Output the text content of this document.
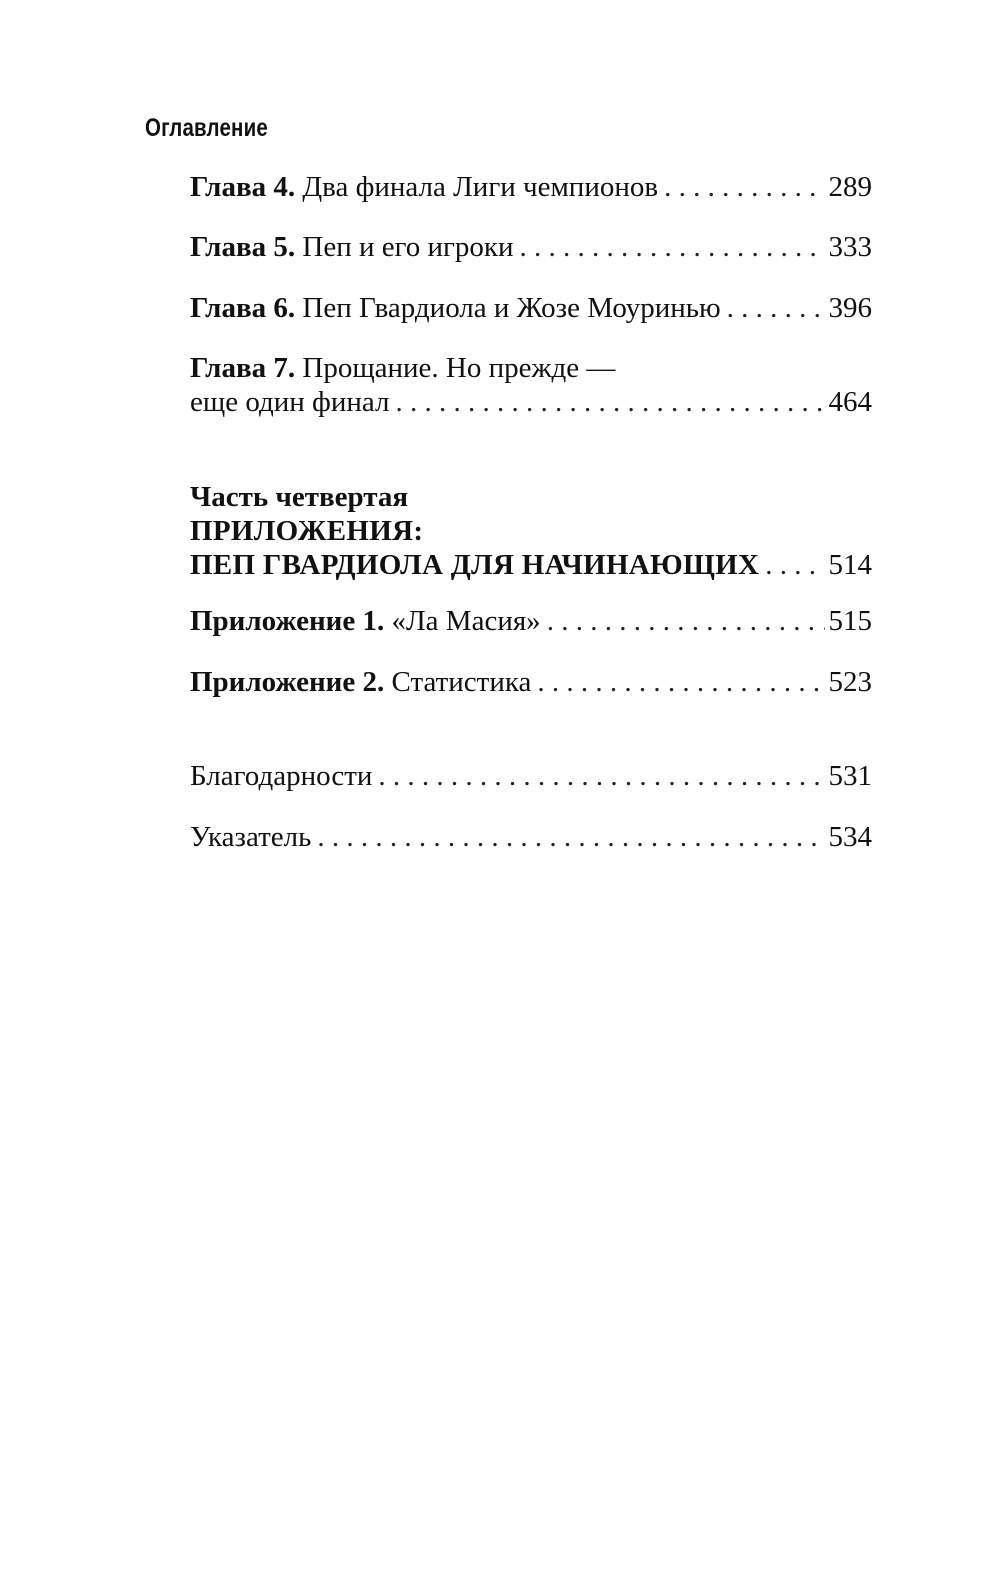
Оглавление
Глава 4. Два финала Лиги чемпионов . . .	289
Глава 5. Пеп и его игроки . . .	333
Глава 6. Пеп Гвардиола и Жозе Моуринью . . .	396
Глава 7. Прощание. Но прежде —
еще один финал . . .	464
Часть четвертая
ПРИЛОЖЕНИЯ:
ПЕП ГВАРДИОЛА ДЛЯ НАЧИНАЮЩИХ . . . 514
Приложение 1. «Ла Масия» . . .	515
Приложение 2. Статистика . . .	523
Благодарности . . .	531
Указатель . . .	534
